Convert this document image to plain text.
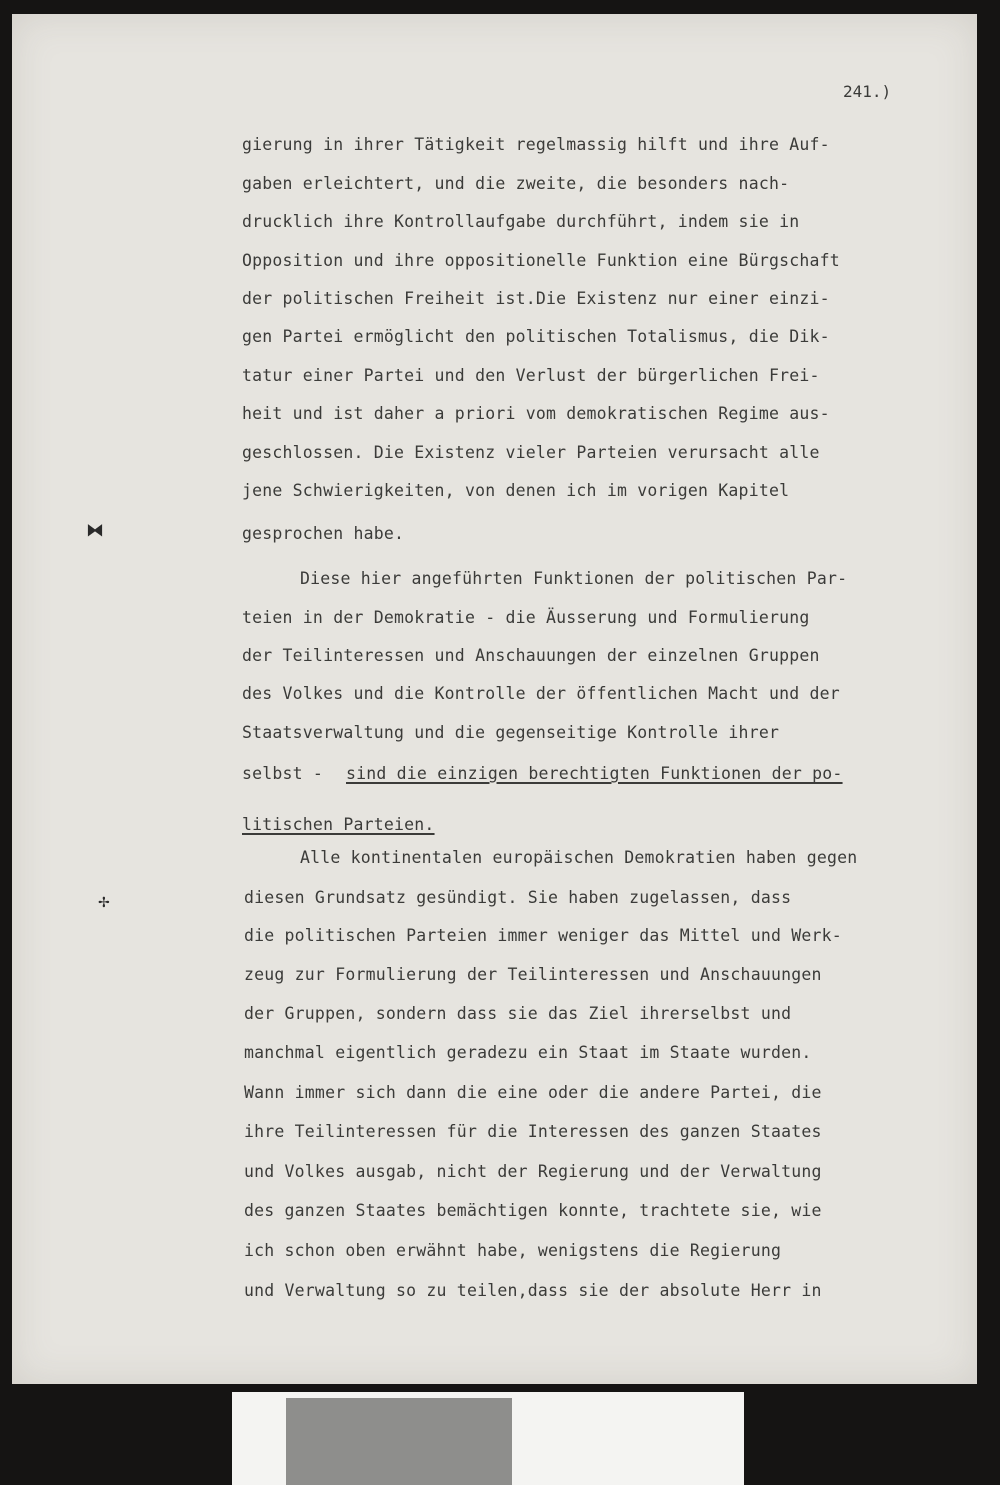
⧓
✢
241.)

gierung in ihrer Tätigkeit regelmassig hilft und ihre Auf-

gaben erleichtert, und die zweite, die besonders nach-

drucklich ihre Kontrollaufgabe durchführt, indem sie in

Opposition und ihre oppositionelle Funktion eine Bürgschaft

der politischen Freiheit ist.Die Existenz nur einer einzi-

gen Partei ermöglicht den politischen Totalismus, die Dik-

tatur einer Partei und den Verlust der bürgerlichen Frei-

heit und ist daher a priori vom demokratischen Regime aus-

geschlossen. Die Existenz vieler Parteien verursacht alle

jene Schwierigkeiten, von denen ich im vorigen Kapitel

gesprochen habe.

Diese hier angeführten Funktionen der politischen Par-

teien in der Demokratie - die Äusserung und Formulierung

der Teilinteressen und Anschauungen der einzelnen Gruppen

des Volkes und die Kontrolle der öffentlichen Macht und der

Staatsverwaltung und die gegenseitige Kontrolle ihrer

selbst - sind die einzigen berechtigten Funktionen der po-

litischen Parteien.

Alle kontinentalen europäischen Demokratien haben gegen

diesen Grundsatz gesündigt. Sie haben zugelassen, dass

die politischen Parteien immer weniger das Mittel und Werk-

zeug zur Formulierung der Teilinteressen und Anschauungen

der Gruppen, sondern dass sie das Ziel ihrerselbst und

manchmal eigentlich geradezu ein Staat im Staate wurden.

Wann immer sich dann die eine oder die andere Partei, die

ihre Teilinteressen für die Interessen des ganzen Staates

und Volkes ausgab, nicht der Regierung und der Verwaltung

des ganzen Staates bemächtigen konnte, trachtete sie, wie

ich schon oben erwähnt habe, wenigstens die Regierung

und Verwaltung so zu teilen,dass sie der absolute Herr in
